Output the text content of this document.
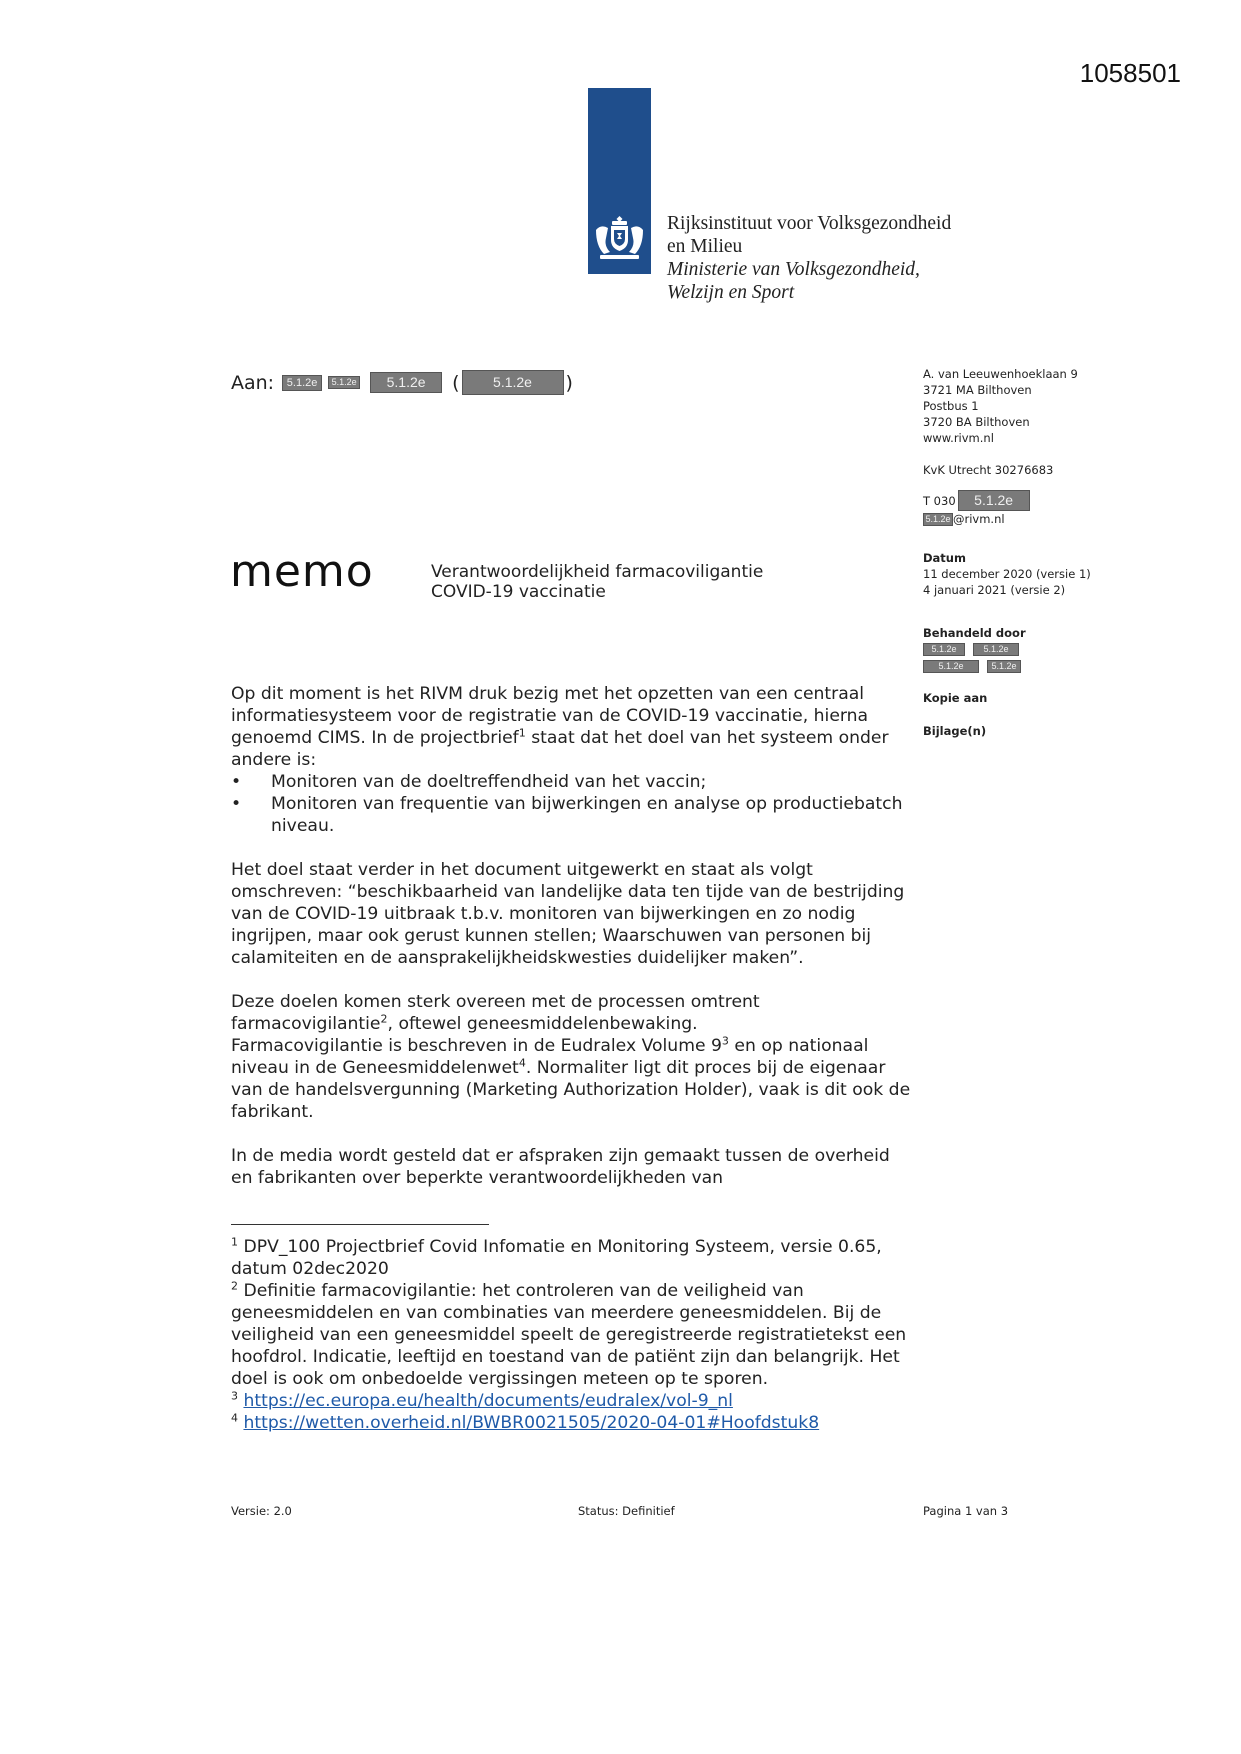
1058501
Rijksinstituut voor Volksgezondheid
en Milieu
Ministerie van Volksgezondheid,
Welzijn en Sport
Aan:	5.1.2e	5.1.2e	5.1.2e	(	5.1.2e	)	A. van Leeuwenhoeklaan 9
3721 MA Bilthoven
Postbus 1
3720 BA Bilthoven
www.rivm.nl
KvK Utrecht 30276683
T 030	5.1.2e
5.1.2e @rivm.nl
Datum
11 december 2020 (versie 1)
4 januari 2021 (versie 2)
Behandeld door
5.1.2e	5.1.2e
5.1.2e	5.1.2e
Kopie aan
Bijlage(n)
memo	Verantwoordelijkheid farmacoviligantie
COVID-19 vaccinatie

Op dit moment is het RIVM druk bezig met het opzetten van een centraal informatiesysteem voor de registratie van de COVID-19 vaccinatie, hierna genoemd CIMS. In de projectbrief$^1$ staat dat het doel van het systeem onder andere is:

• Monitoren van de doeltreffendheid van het vaccin;
• Monitoren van frequentie van bijwerkingen en analyse op productiebatch niveau.

Het doel staat verder in het document uitgewerkt en staat als volgt omschreven: “beschikbaarheid van landelijke data ten tijde van de bestrijding van de COVID-19 uitbraak t.b.v. monitoren van bijwerkingen en zo nodig ingrijpen, maar ook gerust kunnen stellen; Waarschuwen van personen bij calamiteiten en de aansprakelijkheidskwesties duidelijker maken”.

Deze doelen komen sterk overeen met de processen omtrent farmacovigilantie$^2$, oftewel geneesmiddelenbewaking.
Farmacovigilantie is beschreven in de Eudralex Volume $9^3$ en op nationaal niveau in de Geneesmiddelenwet$^4$. Normaliter ligt dit proces bij de eigenaar van de handelsvergunning (Marketing Authorization Holder), vaak is dit ook de fabrikant.

In de media wordt gesteld dat er afspraken zijn gemaakt tussen de overheid en fabrikanten over beperkte verantwoordelijkheden van

$^1$ DPV_100 Projectbrief Covid Infomatie en Monitoring Systeem, versie 0.65, datum 02dec2020
$^2$ Definitie farmacovigilantie: het controleren van de veiligheid van geneesmiddelen en van combinaties van meerdere geneesmiddelen. Bij de veiligheid van een geneesmiddel speelt de geregistreerde registratietekst een hoofdrol. Indicatie, leeftijd en toestand van de patiënt zijn dan belangrijk. Het doel is ook om onbedoelde vergissingen meteen op te sporen.
$^3$ https://ec.europa.eu/health/documents/eudralex/vol-9_nl
$^4$ https://wetten.overheid.nl/BWBR0021505/2020-04-01#Hoofdstuk8
Versie: 2.0	Status: Definitief	Pagina 1 van 3
